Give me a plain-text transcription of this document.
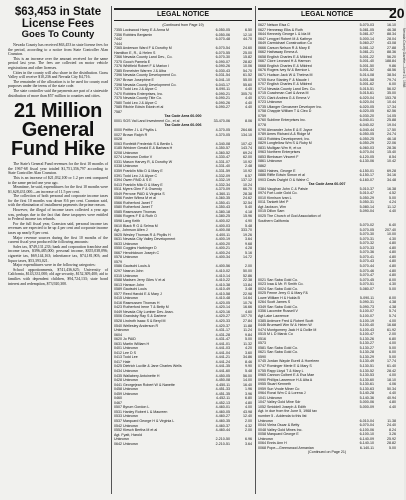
20
Nevada County Gazette—June 21, 1968
$63,453 in State License Fees
Goes To County

Nevada County has received $63,453 in state license fees for the period, according to a notice from State Controller Alan Cranston.

This is an increase over the amount received for the same period last year. The fees are collected on motor vehicle registrations and other licenses.

Cities in the county will also share in the distribution. Grass Valley will receive $10,236 and Nevada City $4,716.

The remainder of the allocation is to be used for county road purposes under the terms of the state code.

The state controller said the payments are part of a statewide distribution of more than $57 million to counties and cities.

21 Million General Fund Hike

The State's General Fund revenues for the first 10 months of the 1967-68 fiscal year totaled $1,751,356,797 according to State Controller Alan Cranston.

This is an increase of $21,032,100 or 1.2 per cent compared to the same period one year ago.

Meantime, he said, expenditures for the first 10 months were $1,628,431,000—an increase of 11.5 per cent.

The collection of both personal and corporate income taxes for the first 10 months was down 8.6 per cent. Cranston said, with the elimination of installment payments the prime reason.

However, the illegal of income taxes collected a year ago was, perhaps due to the fact that these taxpayers were entitled to Federal income tax refunds.

For the full fiscal year, Cranston said, personal income tax revenues are expected to be up 4 per cent and corporate income taxes up nearly 8 per cent.

Major revenue sources during the first 10 months of the current fiscal year produced the following amounts:

Sales tax, $749,131,233; bank and corporation franchise and income taxes, $396,485,000; personal income, $355,038,096; cigarette tax, $69,144,163; inheritance tax, $74,181,903; and liquor taxes, $53,393,021.

Major expenditures were in the following categories:

School apportionments, $741,436,625; University of California, $143,331,000; old age security, $152,309,400; aid to families with dependent children, $94,724,133; state bond interest and redemption, $73,920,300.

LEGAL NOTICE
(Continued from Page 19)
7355 Lockwood Harry E & Anna M	6-050-05	6.50
7356 Robbins Benjamin	6-050-06	12.10
7442	6-070-48	44.70
7444
7365 Anderson Ward F & Dorothy M	6-070-54	24.60
Hamilton E, R., & Helen S	6-070-55	25.00
7366 Nevada County Land Dev., Co.	6-070-30	15.82
7375 Gooch Pamela E	6-090-07	28.82
7376 Whitfield Robert F & Marion I	6-090-26	10.06
7385 Enmeister Warren J & Alba	6-030-43	54.70
7396 Nevada County Development Co.	6-031-54	61.52
7397 Brown Josephine E	6-041-10	55.00
7398 Nevada County Development Co.	6-043-17	55.60
7375 Todd Leo J & Alyce C	6-090-11	4.40
7470 Robbins Enterprises, Inc.	6-090-21	305.70
7375 Nevada County Title Co.	6-090-21	4.40
7580 Todd Leo J & Alyce C	6-090-26	4.40
7585 Ritchie Edwin Edwin et al	6-090-27	4.40
7587
Tax Code Area 60-000
0001 SGS Val Land Investment Co., et al	33-470-06	8.06
Tax Code Area 60-006
0000 Peiffer J L & Phyllis L	4-370-05	264.66
0027 Brown Ralph R	4-370-05	134.10
0028
0063 Ronfeldt Frederick S & Benlin L	4-340-08	107.42
0185 Weidner Gerald E & Barbara H	4-350-57	143.74
0208 Unknown	4-360-52	69.24
0274 Unknown Dottor V	4-330-47	62.00
0331 Mason Harvey R, & Dorothy W	4-331-07	10.92
0338 Unknown	4-331-40	2.48
0359 Franklin Milo D & Mary E	4-331-59	10.92
0391 Todd Leo J & Alyce C	4-332-09	6.57
0394 Owen PAID & S E	4-332-19	137.12
0413 Franklin Milo D & Mary E	4-332-34	10.24
0511 Myers Glen F & Gwendy	4-370-09	66.70
0549 Perrone PAID & Virginia S	4-360-11	28.38
0556 Foster Wilma M et al	4-360-35	24.62
0566 Rutherford Janet T	4-350-41	32.54
0580 Rutherford Janet T	4-350-43	5.40
0585 Rasmussen Thomas	4-380-18	4.18
0586 Rogers F E & Ruth O	4-380-25	15.96
0598 Lang Keith	4-400-02	4.90
0610 Black R G & Selma M	4-400-03	5.48
Agt., Johnson Allen J	4-400-08	333.70
0625 Wesley Thomas R & Phyllis H	4-400-11	19.26
0631 Nevada City Valley Development	4-400-19	3.64
0633 Unknown	4-400-20	9.68
0550 Coggins Harbinger D	4-400-21	4.28
0667 Hendrickson Joseph C	4-400-24	5.16
0578 Unknown	4-400-34	14.72
0579
0586 Gautschi Louis A	4-400-56	2.00
0297 Nasrun John	4-410-02	50.00
0315 Unknown	4-410-14	52.86
0588 Madsen Jerry Giles V et al	4-410-22	22.38
0613 Hanson John	4-410-38	13.84
0589 Gautschi Louis	4-410-49	3.48
0577 Reed Harold E & Mary J	4-410-58	22.98
0415 Unknown	4-410-48	14.64
0416 Rasmussen Thomas H	4-420-05	10.76
0423 Rutherford Irene T & Betty M	4-420-14	16.66
0449 Nevada City Lumber Dev. Assn.	4-420-16	4.60
0506 Grandsby Ray S & Darlene	4-420-27	107.70
0528 Lindroth Isaac S & Beryl M	4-420-33	27.84
0540 Wellesley Anderson R	4-420-37	11.88
Unknown	4-431-17	11.24
0604	4-431-28	9.84
0620 Jo PAID	4-431-47	5.00
0631 Martin William H	4-441-01	11.32
0401 Unknown	4-441-03	4.20
0412 Lee D S	4-441-04	3.60
0413 Todd Lee	4-441-21	34.86
0417 Hale	4-441-24	8.46
0425 Dietrich Lucille & Jane Charles Wells	4-441-35	9.90
0434 Unknown	4-441-60	5.48
0435 Wallabery Antoinette H	4-450-05	56.00
0428 Unknown	4-450-08	14.00
0441 Georgejean Robert W & Nanette	4-450-11	16.40
0458 Unknown	4-451-33	1.96
0459 Unknown	4-451-35	3.96
0460	4-452-11	6.80
0467	4-452-13	4.80
0507 Byrum Gordon L	4-460-01	4.00
0531 Hanley Robert L & Maureen	4-460-05	43.98
0533 Unknown	4-460-27	12.40
0537 Marquard George H & Virginia L	4-460-35	2.00
0542 Unknown	4-460-37	4.32
0552 Kiesch Bertha M et al	4-460-44	2.00
Agt. Fyatt, Harold
Unknown	2-210-50	6.96
0642 Unknown	2-210-51	3.64
LEGAL NOTICE
0627 Nelson Elsa C	5-070-03	16.10
0627 Hennessy Elks & Ruth	5-081-05	46.38
0644 Kennedy George L & Ida M	5-081-07	88.34
0647 Lengyel Robert M & Kathryn	5-000-14	28.04
0649 Carmichael Construction Co	5-060-27	43.08
0666 Carson Nelson R & Mary E	5-081-12	27.88
0662 Hathaway Emma A	5-081-21	88.36
0658 English Charles E & Mildred	5-001-22	56.20
0667 Clore Leonard H & Harmon	5-001-40	188.84
0668 English Charles E & Mildred	5-001-50	9.86
0676 Rogers Ivey W & Bernice L	5-001-52	48.56
0671 Hudson Jack W & Thelma M	5-014-08	38.54
0705 Kunz Stanley F & Maude I	5-001-58	79.74
0707 English Charles E & Mildred	5-001-62	6.00
0714 Nevada County Land Dev. Co.	5-015-51	56.02
0715 Coachman Carl & Anna M	5-015-61	35.00
0721 Clark Andrea G & Emma V	6-020-04	153.78
0723 Unknown	6-020-04	10.44
0735 Ullanger Gevasmer Developer Inc.	6-020-05	17.34
0758 Chappie William T & Cleo D	6-020-05	62.56
0759	6-030-20	14.05
0760 Sublime Enterprises Inc.	6-040-01	25.88
0778	6-040-02	19.04
0790 Alexander John E & E Joyce	6-040-44	17.50
0789 Ames Richard A & Ridge M	6-050-05	24.74
0813 Robbins Development, Inc.	6-050-25	46.18
0829 Longfellow Wm S & Ruby M	6-050-29	22.06
0831 Mulligan Wm H, et ux	6-060-03	28.36
0963 Northern Enterprises	6-070-04	15.40
0853 Birnbaum Vincent F	6-120-05	8.54
0861 Unknown	6-130-06	10.42
0862
0863 Haines, George E	6-150-01	69.28
0886 Riffle Edwin Simon et al	6-150-17	34.16
0903 Davis Dwight O & Wahe C	6-160-07	34.48
Tax Code Area 60-007
0384 Vaughan John C & Patsie	5-010-37	16.38
0974 Fort Lode Gold Co.	5-010-47	4.52
0010 Kinnison Ivan L	5-050-29	5.00
0011 Tankett Mel P	5-050-31	4.24
Agt Jackson, Wm	5-080-14	11.12
0015 Dillon Sam	5-090-04	4.40
0025 The Church of God Association of
Southern California
5-070-02	6.40
5-070-05	207.40
5-070-30	10.00
5-070-31	4.30
5-070-32	4.80
5-070-33	4.80
5-070-36	4.80
5-070-41	4.80
5-070-43	4.80
5-070-44	4.80
5-070-46	4.80
5-070-47	4.80
0021 San Saba Gold Co.	5-070-45	8.00
0023 Ivaa & Mr. R Smith Co.	5-070-51	4.30
0024 San Saba Gold Co.	5-080-07	5.00
0025 Fenne Jerry G & Mary F&
Lowe William H & Hulda B	5-090-11	8.00
0264 Scott James S	5-090-31	4.38
0349 San Saba Gold Co.	5-090-73	4.38
0356 Lacombe Russell V	5-100-07	5.74
Agt Lake Lawrence	5-100-07	5.74
0385 Ardmore Fred & Robert Scott	5-100-19	4.00
0446 Brumwell Wm W & Helen W	5-100-40	16.68
0474 Montgomery Jack H & Dollie M	5-100-43	61.92
0515 M L D Marck Co	5-100-47	2.00
0516	5-130-26	6.80
0573	5-130-27	4.00
0581 San Saba Gold Co.	5-130-27	5.00
0621 San Saba Gold Co.	5-130-28	6.00
0590	5-130-29	5.00
0745 Jordan Wayde Eurell & Horeleen	5-130-49	17.74
0747 Rominger Merle E & Mary S	5-130-51	61.40
0755 Rapp Lloyd T & Mary L	5-130-52	28.42
0965 Cannon Colbert E & Eva Mae	5-130-53	4.00
0990 Phillips Lawrence H & Alta A	5-130-60	18.10
0955 Stuart Kenneth	5-130-61	4.06
0959 Sun Vrode Miner Co	5-130-63	50.34
0964 Ronzi Wm C & Lorena J	5-140-28	4.40
1041 Unknown	5-140-36	40.94
1047 Valley Gold Mine Sdr	5-000-06	4.80
1052 Smiddell Joseph & Edith	5-000-09	4.40
Agt. in due from the June 5, 1968 tax
number 5 - Addenda to this list
Unknown	6-010-04	11.38
0044 Vieira Oscar & Betty	6-070-04	24.40
0048 Valley Gold Mines Inc.	6-100-06	8.24
0058 Marquard George E	6-100-10	3.26
Unknown	6-140-09	25.92
0064 Ennis Ann H	6-140-10	28.82
0068 Pope—Greenwood Armanian	6-140-11	5.00
(Continued on Page 21)
